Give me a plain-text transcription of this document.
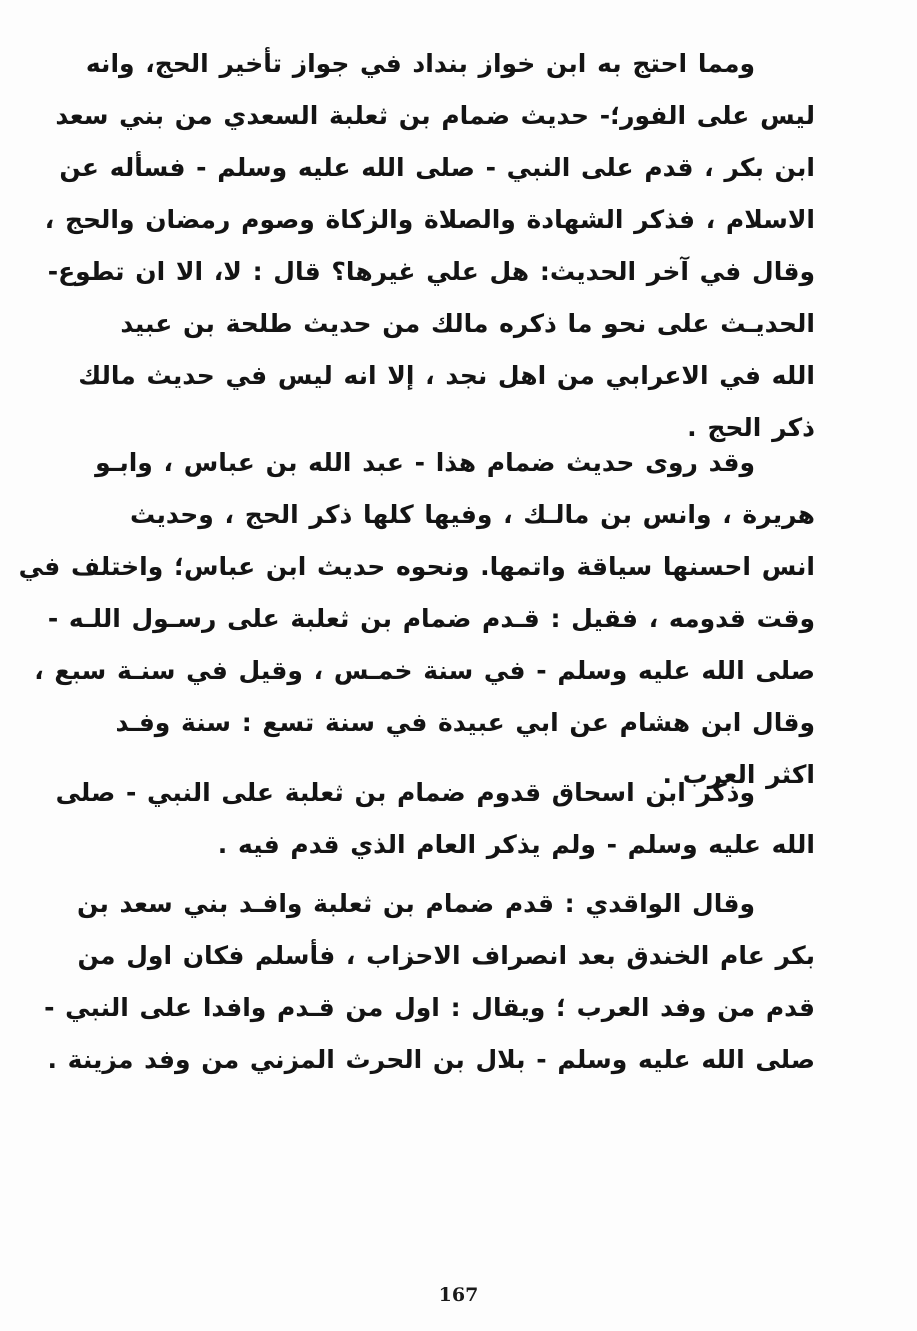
ومما احتج به ابن خواز بنداد في جواز تأخير الحج، وانه
ليس على الفور؛- حديث ضمام بن ثعلبة السعدي من بني سعد
ابن بكر ، قدم على النبي - صلى الله عليه وسلم - فسأله عن
الاسلام ، فذكر الشهادة والصلاة والزكاة وصوم رمضان والحج ،
وقال في آخر الحديث: هل علي غيرها؟ قال : لا، الا ان تطوع-
الحديـث على نحو ما ذكره مالك من حديث طلحة بن عبيد
الله في الاعرابي من اهل نجد ، إلا انه ليس في حديث مالك
ذكر الحج .
وقد روى حديث ضمام هذا - عبد الله بن عباس ، وابـو
هريرة ، وانس بن مالـك ، وفيها كلها ذكر الحج ، وحديث
انس احسنها سياقة واتمها. ونحوه حديث ابن عباس؛ واختلف في
وقت قدومه ، فقيل : قـدم ضمام بن ثعلبة على رسـول اللـه -
صلى الله عليه وسلم - في سنة خمـس ، وقيل في سنـة سبع ،
وقال ابن هشام عن ابي عبيدة في سنة تسع : سنة وفـد
اكثر العرب .
وذكر ابن اسحاق قدوم ضمام بن ثعلبة على النبي - صلى
الله عليه وسلم - ولم يذكر العام الذي قدم فيه .
وقال الواقدي : قدم ضمام بن ثعلبة وافـد بني سعد بن
بكر عام الخندق بعد انصراف الاحزاب ، فأسلم فكان اول من
قدم من وفد العرب ؛ ويقال : اول من قـدم وافدا على النبي -
صلى الله عليه وسلم - بلال بن الحرث المزني من وفد مزينة .
167
